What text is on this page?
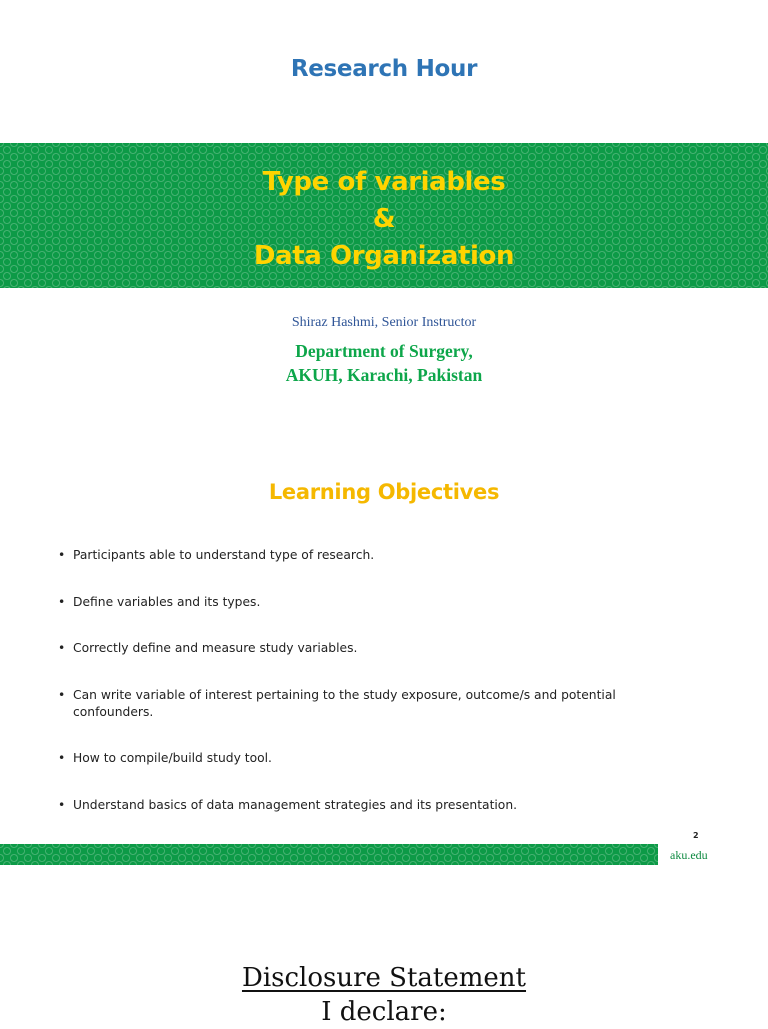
Research Hour
Type of variables
&
Data Organization
Shiraz Hashmi, Senior Instructor
Department of Surgery,
AKUH, Karachi, Pakistan
Learning Objectives
• Participants able to understand type of research.
• Define variables and its types.
• Correctly define and measure study variables.
• Can write variable of interest pertaining to the study exposure, outcome/s and potential confounders.
• How to compile/build study tool.
• Understand basics of data management strategies and its presentation.
2
aku.edu
Disclosure Statement
I declare:
